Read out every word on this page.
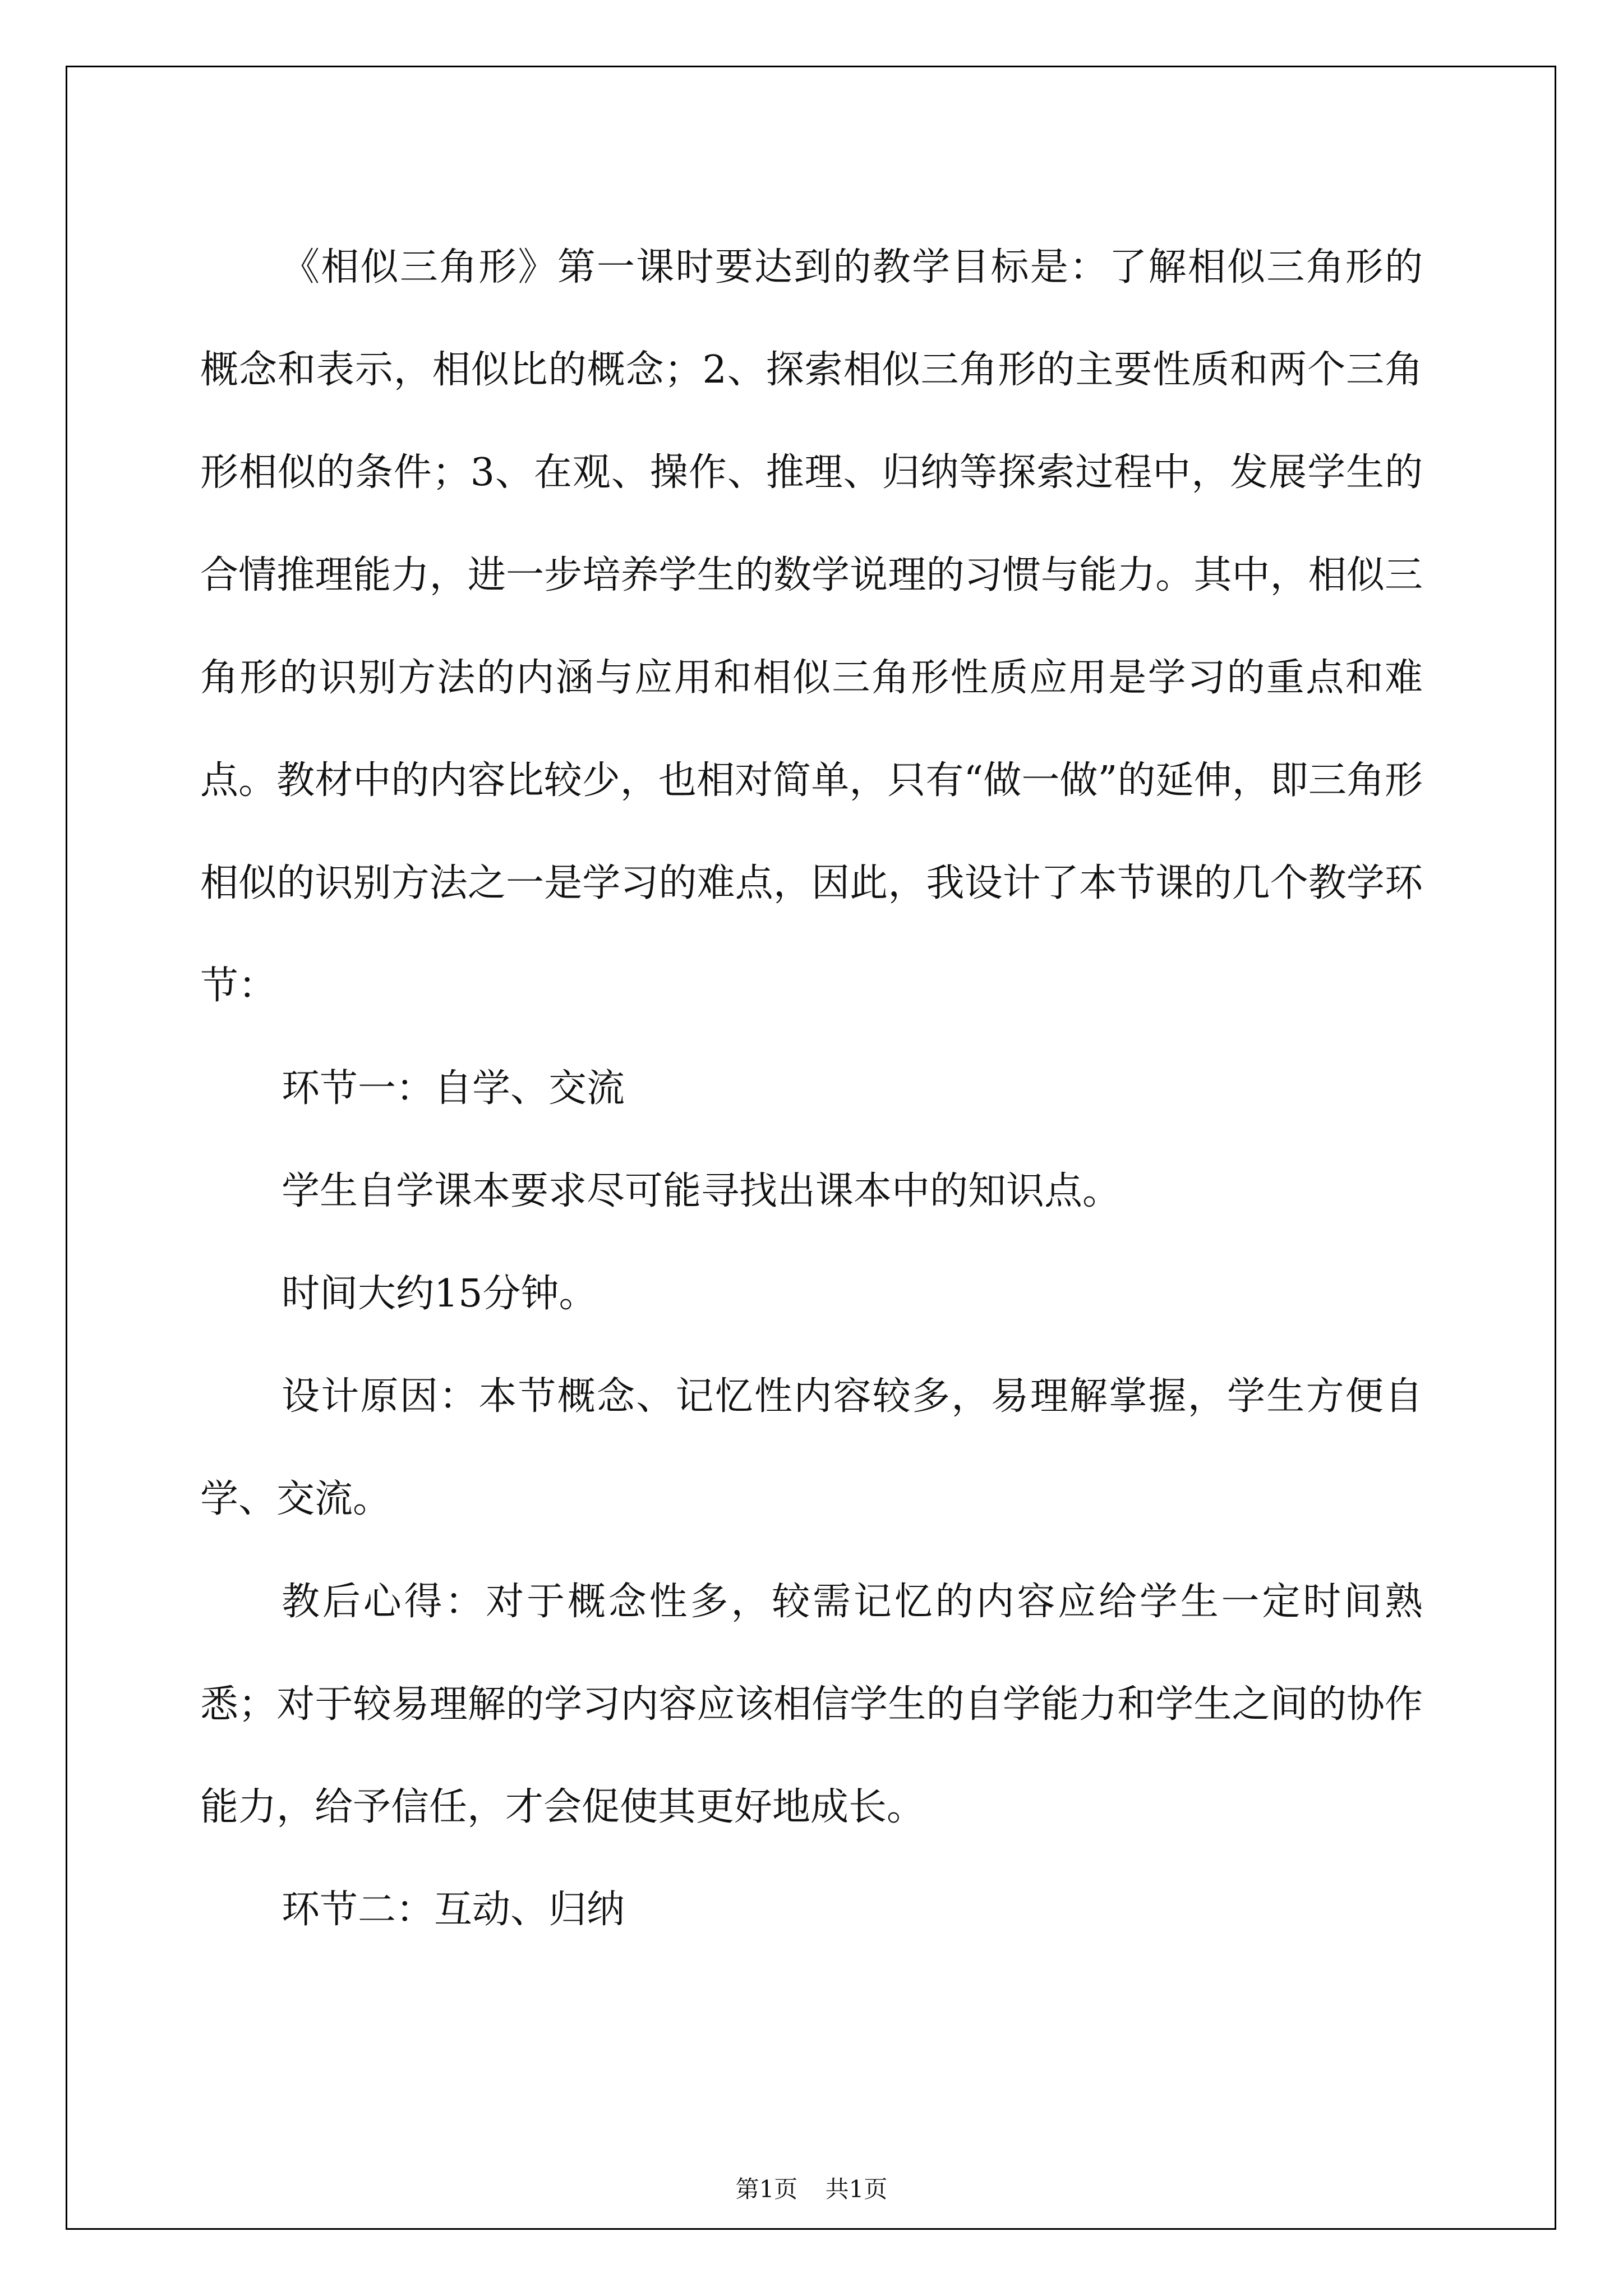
《相似三角形》第一课时要达到的教学目标是：了解相似三角形的概念和表示，相似比的概念；2、探索相似三角形的主要性质和两个三角形相似的条件；3、在观、操作、推理、归纳等探索过程中，发展学生的合情推理能力，进一步培养学生的数学说理的习惯与能力。其中，相似三角形的识别方法的内涵与应用和相似三角形性质应用是学习的重点和难点。教材中的内容比较少，也相对简单，只有“做一做”的延伸，即三角形相似的识别方法之一是学习的难点，因此，我设计了本节课的几个教学环节：

环节一：自学、交流

学生自学课本要求尽可能寻找出课本中的知识点。

时间大约15分钟。

设计原因：本节概念、记忆性内容较多，易理解掌握，学生方便自学、交流。

教后心得：对于概念性多，较需记忆的内容应给学生一定时间熟悉；对于较易理解的学习内容应该相信学生的自学能力和学生之间的协作能力，给予信任，才会促使其更好地成长。

环节二：互动、归纳

第1页 共1页
